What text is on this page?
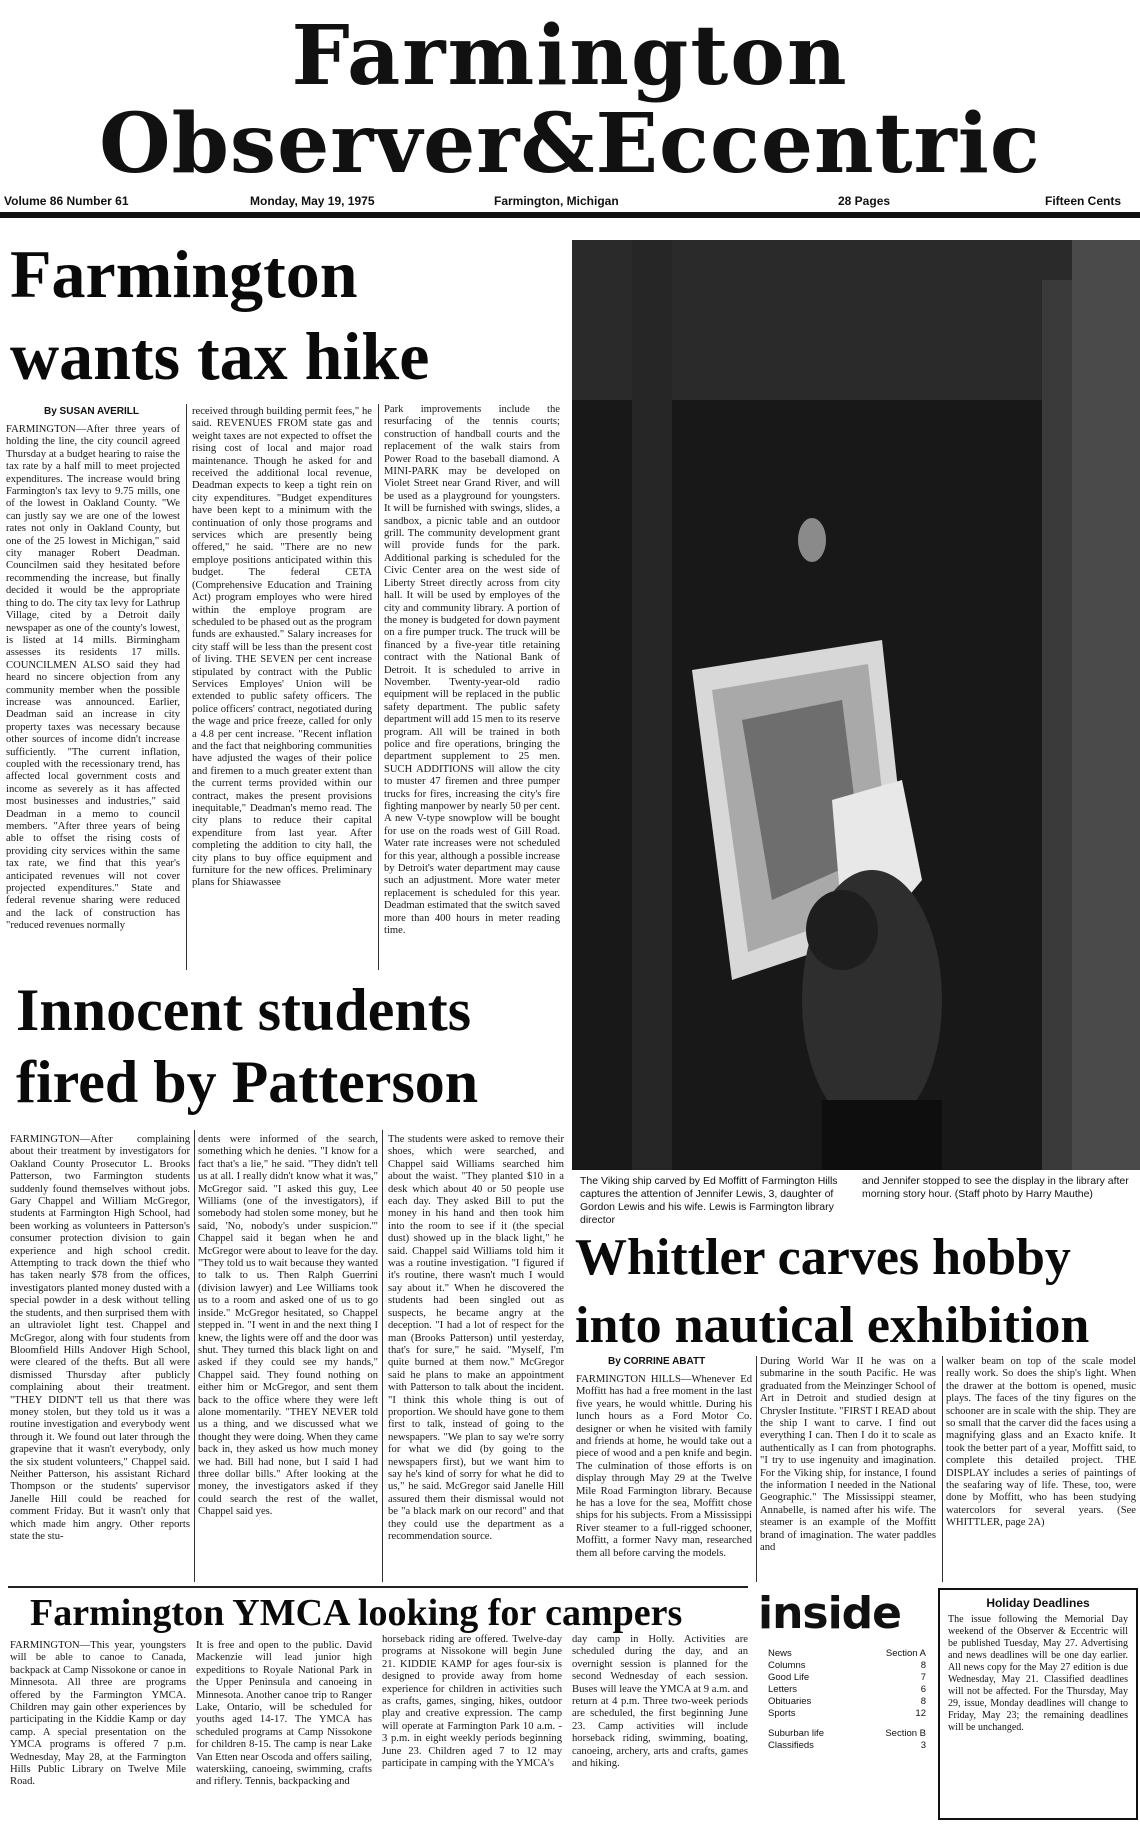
Farmington
Observer&Eccentric
Volume 86 Number 61	Monday, May 19, 1975	Farmington, Michigan	28 Pages	Fifteen Cents
Farmington
wants tax hike
By SUSAN AVERILL
FARMINGTON—After three years of holding the line, the city council agreed Thursday at a budget hearing to raise the tax rate by a half mill to meet projected expenditures. The increase would bring Farmington's tax levy to 9.75 mills, one of the lowest in Oakland County. "We can justly say we are one of the lowest rates not only in Oakland County, but one of the 25 lowest in Michigan," said city manager Robert Deadman. Councilmen said they hesitated before recommending the increase, but finally decided it would be the appropriate thing to do. The city tax levy for Lathrup Village, cited by a Detroit daily newspaper as one of the county's lowest, is listed at 14 mills. Birmingham assesses its residents 17 mills. COUNCILMEN ALSO said they had heard no sincere objection from any community member when the possible increase was announced. Earlier, Deadman said an increase in city property taxes was necessary because other sources of income didn't increase sufficiently. "The current inflation, coupled with the recessionary trend, has affected local government costs and income as severely as it has affected most businesses and industries," said Deadman in a memo to council members. "After three years of being able to offset the rising costs of providing city services within the same tax rate, we find that this year's anticipated revenues will not cover projected expenditures." State and federal revenue sharing were reduced and the lack of construction has "reduced revenues normally
received through building permit fees," he said. REVENUES FROM state gas and weight taxes are not expected to offset the rising cost of local and major road maintenance. Though he asked for and received the additional local revenue, Deadman expects to keep a tight rein on city expenditures. "Budget expenditures have been kept to a minimum with the continuation of only those programs and services which are presently being offered," he said. "There are no new employe positions anticipated within this budget. The federal CETA (Comprehensive Education and Training Act) program employes who were hired within the employe program are scheduled to be phased out as the program funds are exhausted." Salary increases for city staff will be less than the present cost of living. THE SEVEN per cent increase stipulated by contract with the Public Services Employes' Union will be extended to public safety officers. The police officers' contract, negotiated during the wage and price freeze, called for only a 4.8 per cent increase. "Recent inflation and the fact that neighboring communities have adjusted the wages of their police and firemen to a much greater extent than the current terms provided within our contract, makes the present provisions inequitable," Deadman's memo read. The city plans to reduce their capital expenditure from last year. After completing the addition to city hall, the city plans to buy office equipment and furniture for the new offices. Preliminary plans for Shiawassee
Park improvements include the resurfacing of the tennis courts; construction of handball courts and the replacement of the walk stairs from Power Road to the baseball diamond. A MINI-PARK may be developed on Violet Street near Grand River, and will be used as a playground for youngsters. It will be furnished with swings, slides, a sandbox, a picnic table and an outdoor grill. The community development grant will provide funds for the park. Additional parking is scheduled for the Civic Center area on the west side of Liberty Street directly across from city hall. It will be used by employes of the city and community library. A portion of the money is budgeted for down payment on a fire pumper truck. The truck will be financed by a five-year title retaining contract with the National Bank of Detroit. It is scheduled to arrive in November. Twenty-year-old radio equipment will be replaced in the public safety department. The public safety department will add 15 men to its reserve program. All will be trained in both police and fire operations, bringing the department supplement to 25 men. SUCH ADDITIONS will allow the city to muster 47 firemen and three pumper trucks for fires, increasing the city's fire fighting manpower by nearly 50 per cent. A new V-type snowplow will be bought for use on the roads west of Gill Road. Water rate increases were not scheduled for this year, although a possible increase by Detroit's water department may cause such an adjustment. More water meter replacement is scheduled for this year. Deadman estimated that the switch saved more than 400 hours in meter reading time.
The Viking ship carved by Ed Moffitt of Farmington Hills captures the attention of Jennifer Lewis, 3, daughter of Gordon Lewis and his wife. Lewis is Farmington library director
and Jennifer stopped to see the display in the library after morning story hour. (Staff photo by Harry Mauthe)
Innocent students
fired by Patterson
FARMINGTON—After complaining about their treatment by investigators for Oakland County Prosecutor L. Brooks Patterson, two Farmington students suddenly found themselves without jobs. Gary Chappel and William McGregor, students at Farmington High School, had been working as volunteers in Patterson's consumer protection division to gain experience and high school credit. Attempting to track down the thief who has taken nearly $78 from the offices, investigators planted money dusted with a special powder in a desk without telling the students, and then surprised them with an ultraviolet light test. Chappel and McGregor, along with four students from Bloomfield Hills Andover High School, were cleared of the thefts. But all were dismissed Thursday after publicly complaining about their treatment. "THEY DIDN'T tell us that there was money stolen, but they told us it was a routine investigation and everybody went through it. We found out later through the grapevine that it wasn't everybody, only the six student volunteers," Chappel said. Neither Patterson, his assistant Richard Thompson or the students' supervisor Janelle Hill could be reached for comment Friday. But it wasn't only that which made him angry. Other reports state the stu-
dents were informed of the search, something which he denies. "I know for a fact that's a lie," he said. "They didn't tell us at all. I really didn't know what it was," McGregor said. "I asked this guy, Lee Williams (one of the investigators), if somebody had stolen some money, but he said, 'No, nobody's under suspicion.'" Chappel said it began when he and McGregor were about to leave for the day. "They told us to wait because they wanted to talk to us. Then Ralph Guerrini (division lawyer) and Lee Williams took us to a room and asked one of us to go inside." McGregor hesitated, so Chappel stepped in. "I went in and the next thing I knew, the lights were off and the door was shut. They turned this black light on and asked if they could see my hands," Chappel said. They found nothing on either him or McGregor, and sent them back to the office where they were left alone momentarily. "THEY NEVER told us a thing, and we discussed what we thought they were doing. When they came back in, they asked us how much money we had. Bill had none, but I said I had three dollar bills." After looking at the money, the investigators asked if they could search the rest of the wallet, Chappel said yes.
The students were asked to remove their shoes, which were searched, and Chappel said Williams searched him about the waist. "They planted $10 in a desk which about 40 or 50 people use each day. They asked Bill to put the money in his hand and then took him into the room to see if it (the special dust) showed up in the black light," he said. Chappel said Williams told him it was a routine investigation. "I figured if it's routine, there wasn't much I would say about it." When he discovered the students had been singled out as suspects, he became angry at the deception. "I had a lot of respect for the man (Brooks Patterson) until yesterday, that's for sure," he said. "Myself, I'm quite burned at them now." McGregor said he plans to make an appointment with Patterson to talk about the incident. "I think this whole thing is out of proportion. We should have gone to them first to talk, instead of going to the newspapers. "We plan to say we're sorry for what we did (by going to the newspapers first), but we want him to say he's kind of sorry for what he did to us," he said. McGregor said Janelle Hill assured them their dismissal would not be "a black mark on our record" and that they could use the department as a recommendation source.
Whittler carves hobby
into nautical exhibition
By CORRINE ABATT
FARMINGTON HILLS—Whenever Ed Moffitt has had a free moment in the last five years, he would whittle. During his lunch hours as a Ford Motor Co. designer or when he visited with family and friends at home, he would take out a piece of wood and a pen knife and begin. The culmination of those efforts is on display through May 29 at the Twelve Mile Road Farmington library. Because he has a love for the sea, Moffitt chose ships for his subjects. From a Mississippi River steamer to a full-rigged schooner, Moffitt, a former Navy man, researched them all before carving the models.
During World War II he was on a submarine in the south Pacific. He was graduated from the Meinzinger School of Art in Detroit and studied design at Chrysler Institute. "FIRST I READ about the ship I want to carve. I find out everything I can. Then I do it to scale as authentically as I can from photographs. "I try to use ingenuity and imagination. For the Viking ship, for instance, I found the information I needed in the National Geographic." The Mississippi steamer, Annabelle, is named after his wife. The steamer is an example of the Moffitt brand of imagination. The water paddles and
walker beam on top of the scale model really work. So does the ship's light. When the drawer at the bottom is opened, music plays. The faces of the tiny figures on the schooner are in scale with the ship. They are so small that the carver did the faces using a magnifying glass and an Exacto knife. It took the better part of a year, Moffitt said, to complete this detailed project. THE DISPLAY includes a series of paintings of the seafaring way of life. These, too, were done by Moffitt, who has been studying watercolors for several years. (See WHITTLER, page 2A)
Farmington YMCA looking for campers
FARMINGTON—This year, youngsters will be able to canoe to Canada, backpack at Camp Nissokone or canoe in Minnesota. All three are programs offered by the Farmington YMCA. Children may gain other experiences by participating in the Kiddie Kamp or day camp. A special presentation on the YMCA programs is offered 7 p.m. Wednesday, May 28, at the Farmington Hills Public Library on Twelve Mile Road.
It is free and open to the public. David Mackenzie will lead junior high expeditions to Royale National Park in the Upper Peninsula and canoeing in Minnesota. Another canoe trip to Ranger Lake, Ontario, will be scheduled for youths aged 14-17. The YMCA has scheduled programs at Camp Nissokone for children 8-15. The camp is near Lake Van Etten near Oscoda and offers sailing, waterskiing, canoeing, swimming, crafts and riflery. Tennis, backpacking and
horseback riding are offered. Twelve-day programs at Nissokone will begin June 21. KIDDIE KAMP for ages four-six is designed to provide away from home experience for children in activities such as crafts, games, singing, hikes, outdoor play and creative expression. The camp will operate at Farmington Park 10 a.m. - 3 p.m. in eight weekly periods beginning June 23. Children aged 7 to 12 may participate in camping with the YMCA's
day camp in Holly. Activities are scheduled during the day, and an overnight session is planned for the second Wednesday of each session. Buses will leave the YMCA at 9 a.m. and return at 4 p.m. Three two-week periods are scheduled, the first beginning June 23. Camp activities will include horseback riding, swimming, boating, canoeing, archery, arts and crafts, games and hiking.
inside
News	Section A
Columns	8
Good Life	7
Letters	6
Obituaries	8
Sports	12
Suburban life	Section B
Classifieds	3
Holiday Deadlines
The issue following the Memorial Day weekend of the Observer & Eccentric will be published Tuesday, May 27. Advertising and news deadlines will be one day earlier. All news copy for the May 27 edition is due Wednesday, May 21. Classified deadlines will not be affected. For the Thursday, May 29, issue, Monday deadlines will change to Friday, May 23; the remaining deadlines will be unchanged.
